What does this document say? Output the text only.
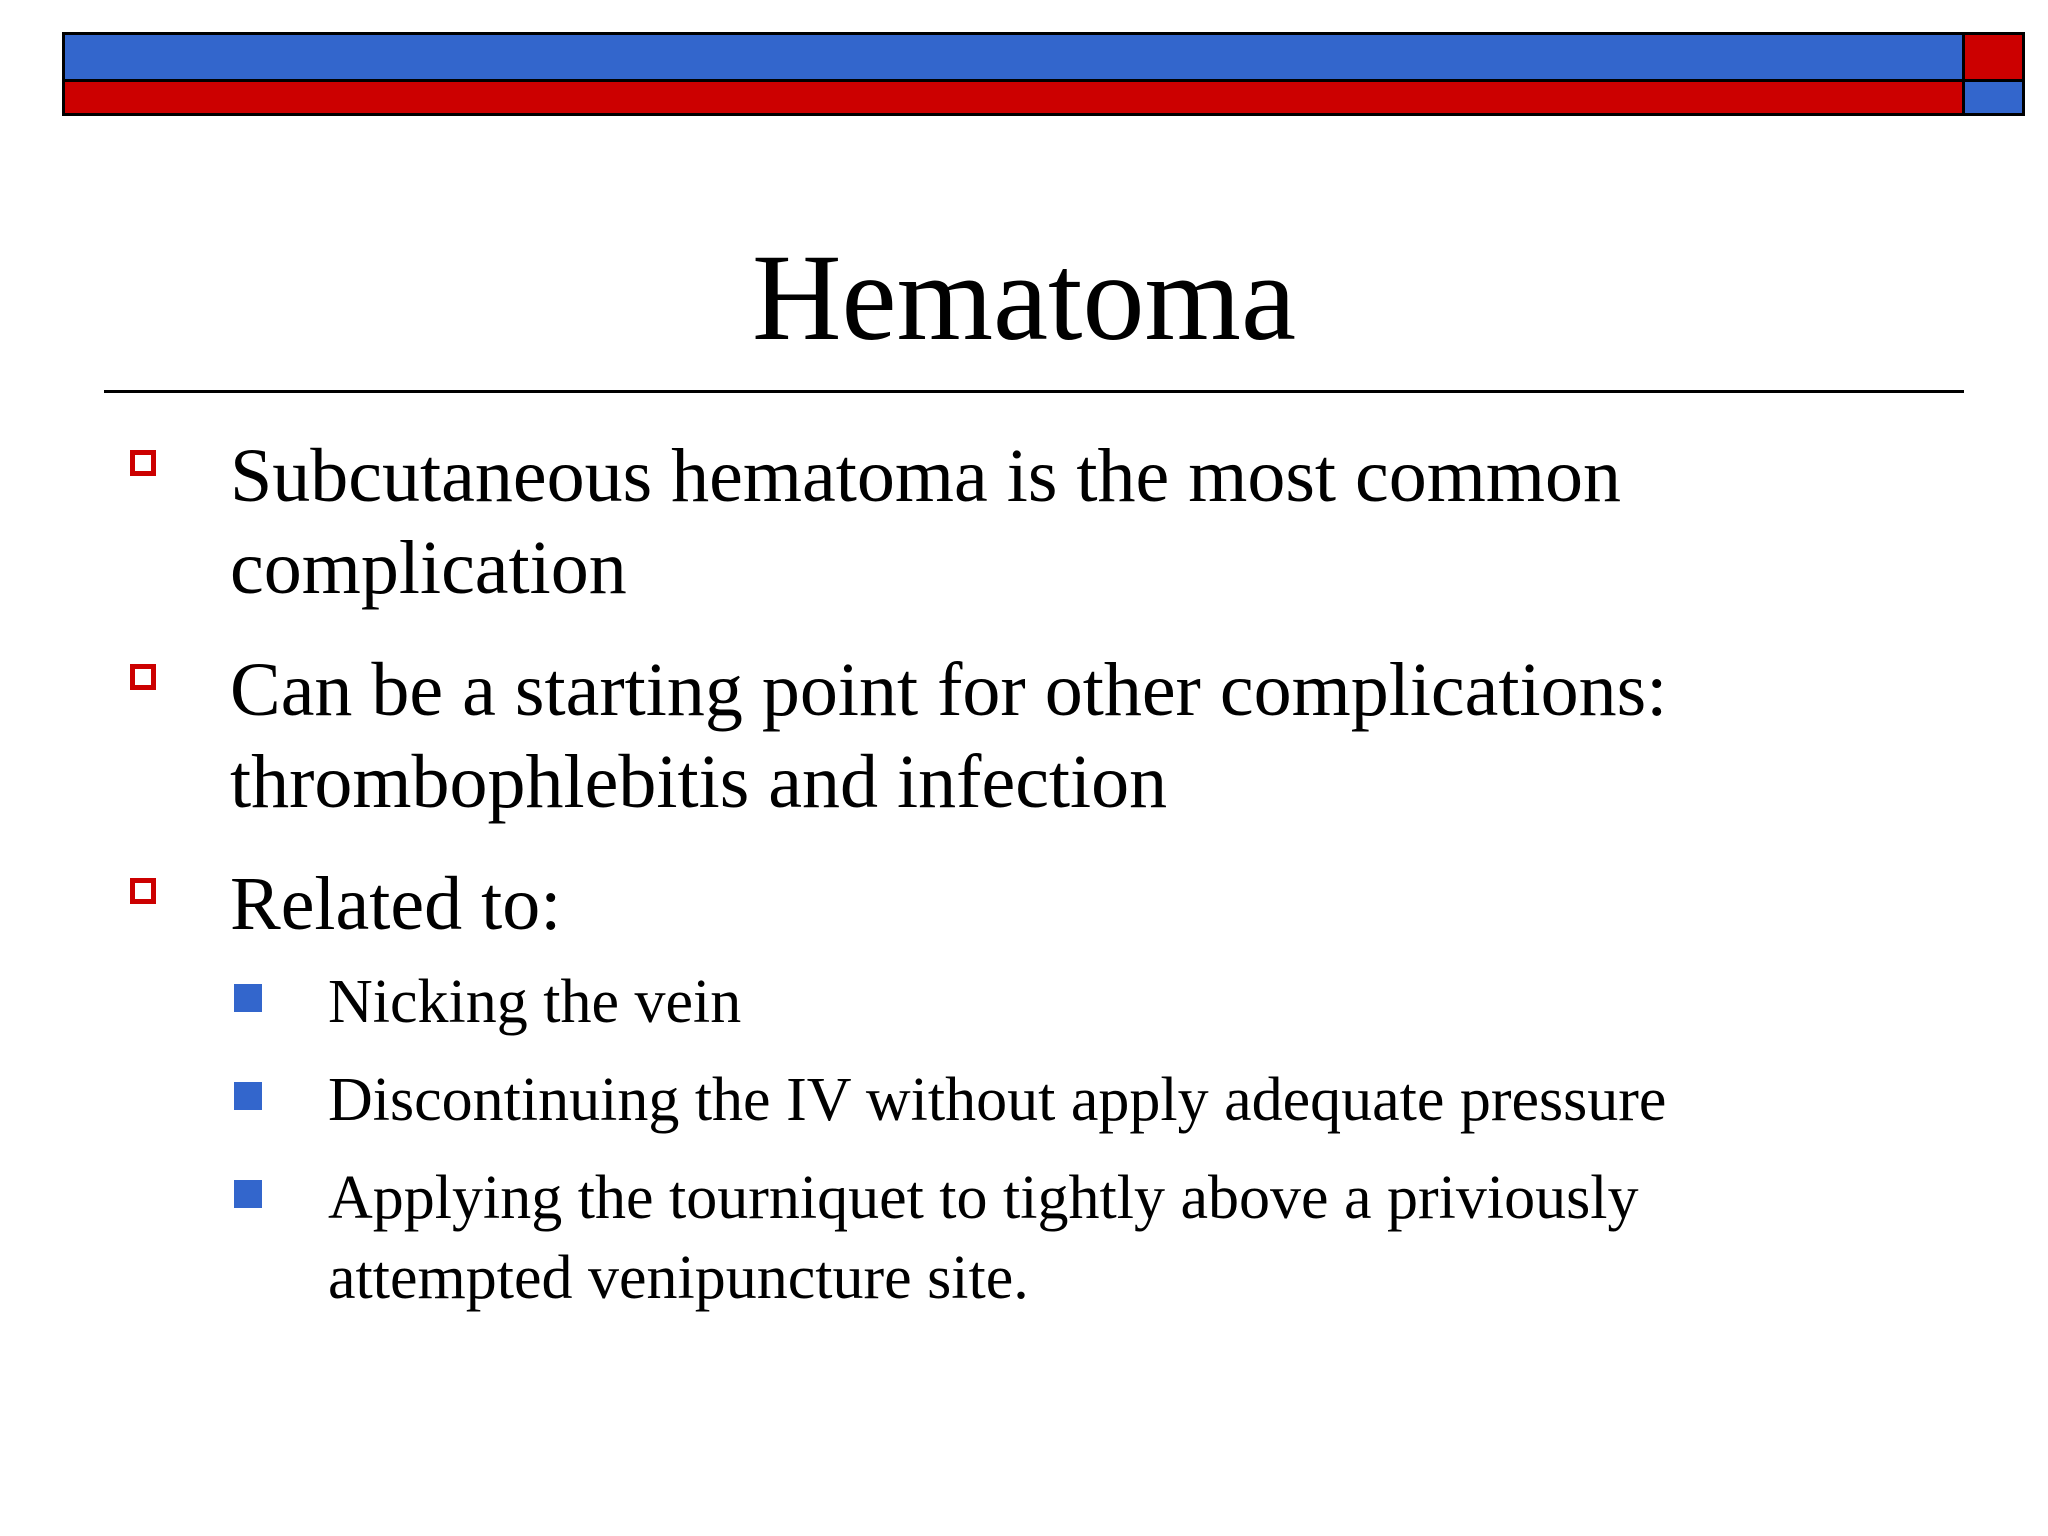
Hematoma
Subcutaneous hematoma is the most common complication
Can be a starting point for other complications: thrombophlebitis and infection
Related to:
Nicking the vein
Discontinuing the IV without apply adequate pressure
Applying the tourniquet to tightly above a priviously attempted venipuncture site.
